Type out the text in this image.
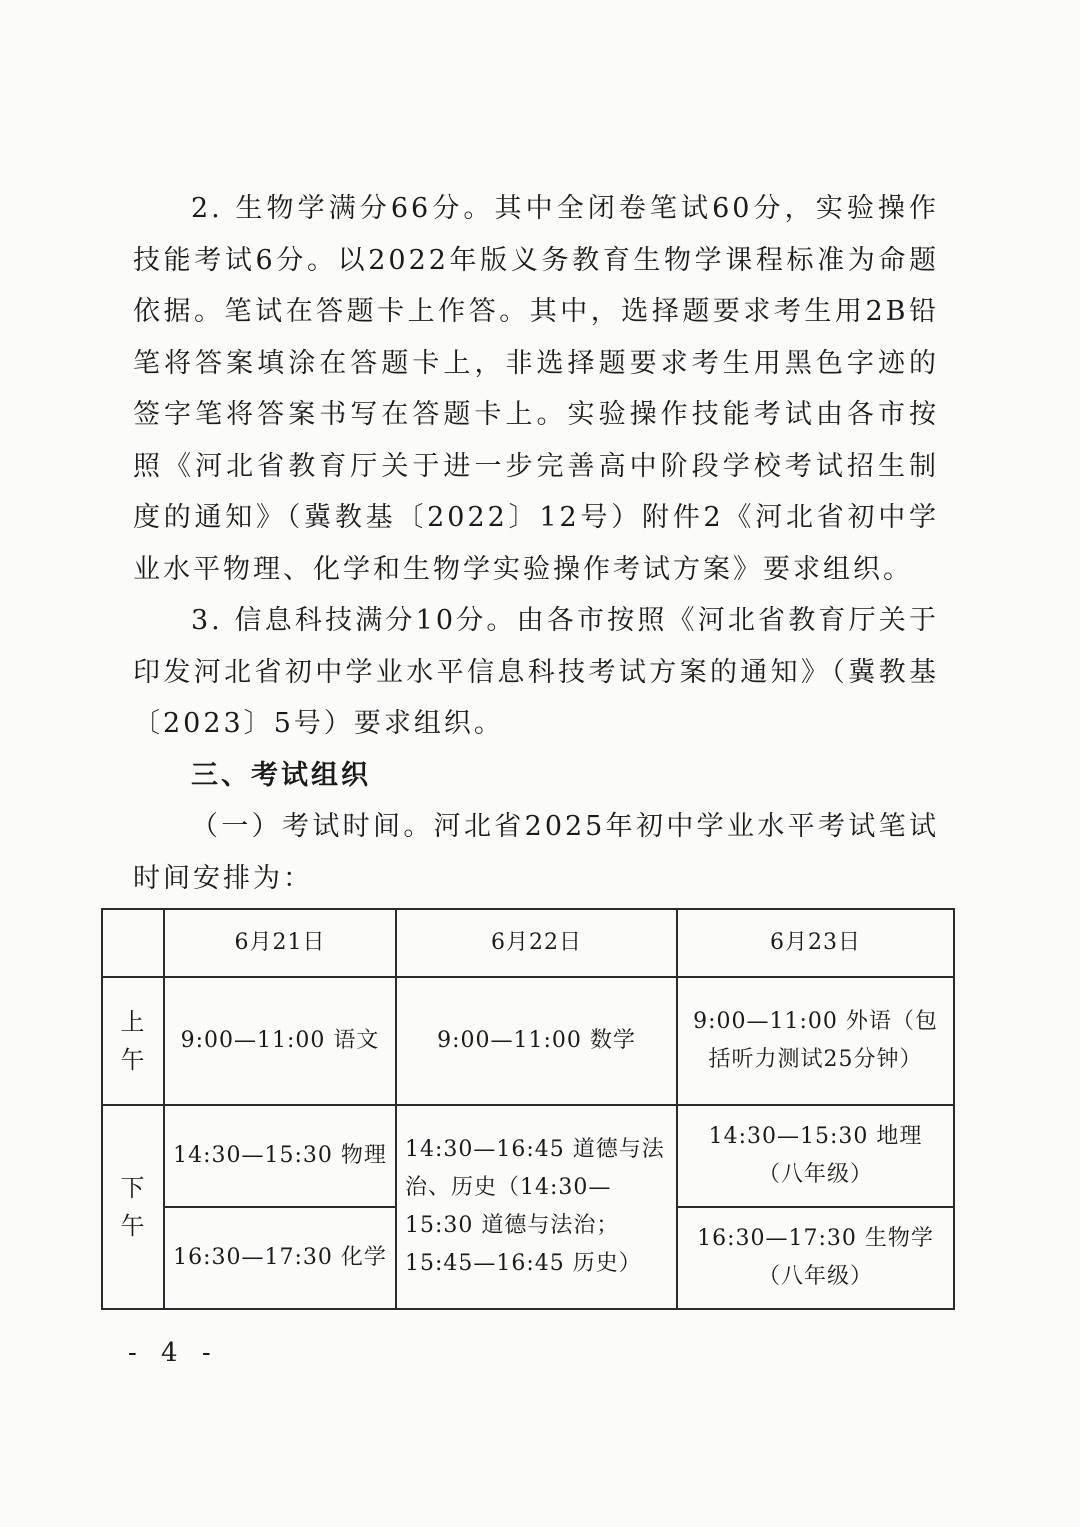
2. 生物学满分66分。其中全闭卷笔试60分，实验操作技能考试6分。以2022年版义务教育生物学课程标准为命题依据。笔试在答题卡上作答。其中，选择题要求考生用2B铅笔将答案填涂在答题卡上，非选择题要求考生用黑色字迹的签字笔将答案书写在答题卡上。实验操作技能考试由各市按照《河北省教育厅关于进一步完善高中阶段学校考试招生制度的通知》（冀教基〔2022〕12号）附件2《河北省初中学业水平物理、化学和生物学实验操作考试方案》要求组织。

3. 信息科技满分10分。由各市按照《河北省教育厅关于印发河北省初中学业水平信息科技考试方案的通知》（冀教基〔2023〕5号）要求组织。

三、考试组织

（一）考试时间。河北省2025年初中学业水平考试笔试时间安排为：

	6月21日	6月22日	6月23日
上午	9:00—11:00 语文	9:00—11:00 数学	9:00—11:00 外语（包括听力测试25分钟）
下午	14:30—15:30 物理	14:30—16:45 道德与法治、历史（14:30—15:30 道德与法治；15:45—16:45 历史）	14:30—15:30 地理（八年级）
	16:30—17:30 化学		16:30—17:30 生物学（八年级）
- 4 -
